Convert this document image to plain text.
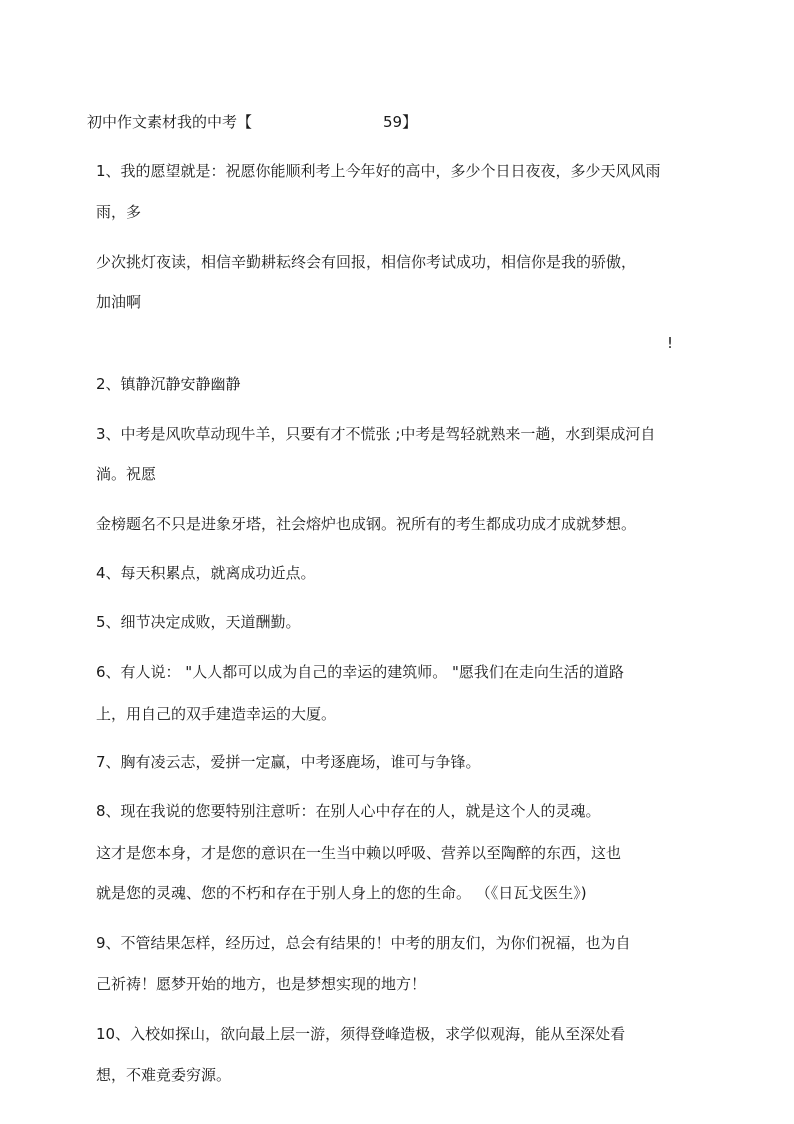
初中作文素材我的中考【	59】

1、我的愿望就是：祝愿你能顺利考上今年好的高中，多少个日日夜夜，多少天风风雨

雨，多

少次挑灯夜读，相信辛勤耕耘终会有回报，相信你考试成功，相信你是我的骄傲，

加油啊

!

2、镇静沉静安静幽静

3、中考是风吹草动现牛羊，只要有才不慌张 ;中考是驾轻就熟来一趟，水到渠成河自

淌。祝愿

金榜题名不只是进象牙塔，社会熔炉也成钢。祝所有的考生都成功成才成就梦想。

4、每天积累点，就离成功近点。

5、细节决定成败，天道酬勤。

6、有人说： "人人都可以成为自己的幸运的建筑师。 "愿我们在走向生活的道路

上，用自己的双手建造幸运的大厦。

7、胸有凌云志，爱拼一定赢，中考逐鹿场，谁可与争锋。

8、现在我说的您要特别注意听：在别人心中存在的人，就是这个人的灵魂。

这才是您本身，才是您的意识在一生当中赖以呼吸、营养以至陶醉的东西，这也

就是您的灵魂、您的不朽和存在于别人身上的您的生命。 （《日瓦戈医生》)

9、不管结果怎样，经历过，总会有结果的！中考的朋友们，为你们祝福，也为自

己祈祷！愿梦开始的地方，也是梦想实现的地方！

10、入校如探山，欲向最上层一游，须得登峰造极，求学似观海，能从至深处看

想，不难竟委穷源。
